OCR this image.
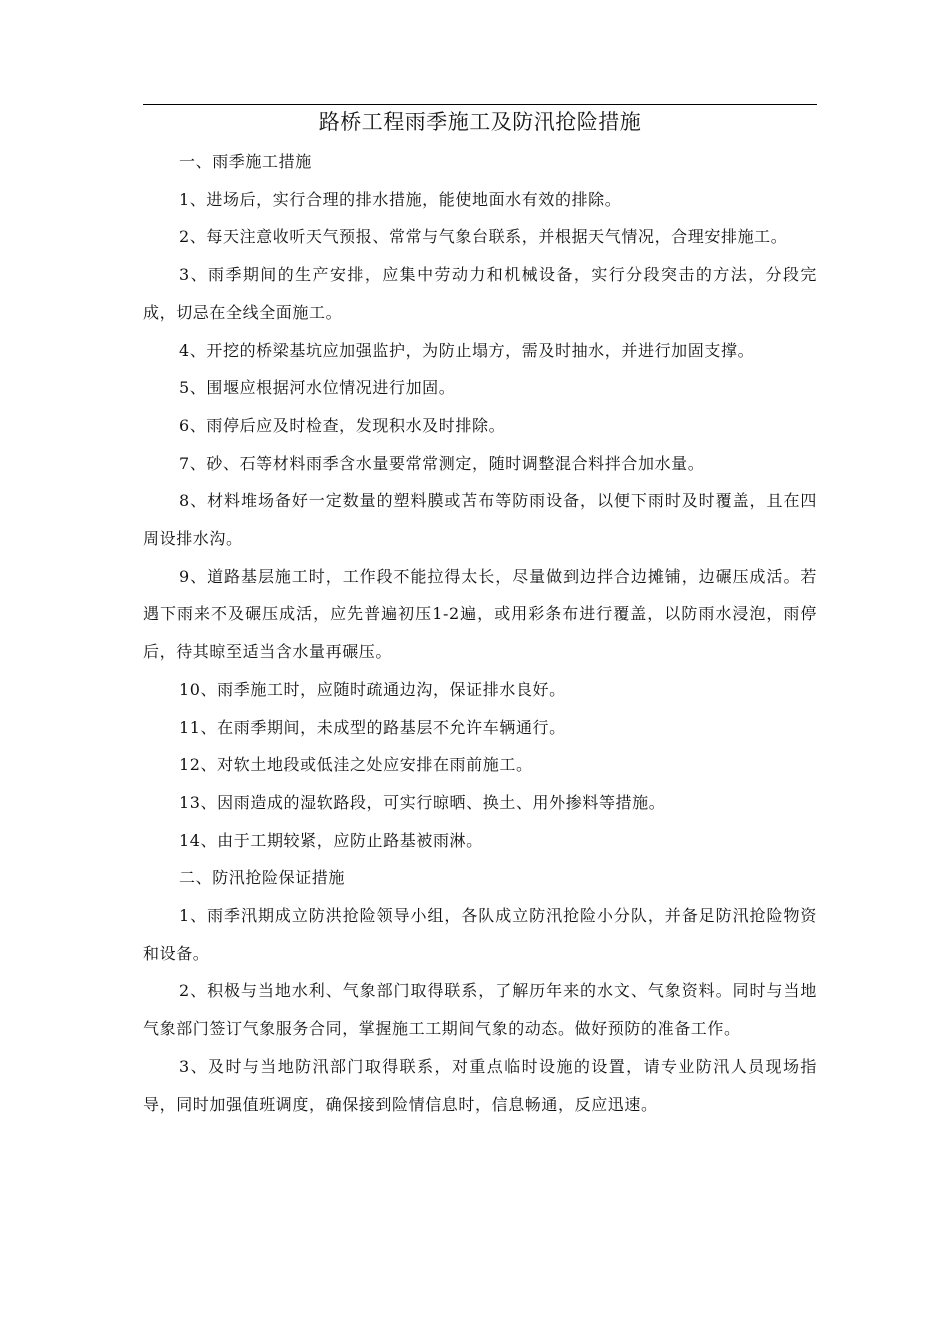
路桥工程雨季施工及防汛抢险措施

一、雨季施工措施

1、进场后，实行合理的排水措施，能使地面水有效的排除。

2、每天注意收听天气预报、常常与气象台联系，并根据天气情况，合理安排施工。

3、雨季期间的生产安排，应集中劳动力和机械设备，实行分段突击的方法，分段完成，切忌在全线全面施工。

4、开挖的桥梁基坑应加强监护，为防止塌方，需及时抽水，并进行加固支撑。

5、围堰应根据河水位情况进行加固。

6、雨停后应及时检查，发现积水及时排除。

7、砂、石等材料雨季含水量要常常测定，随时调整混合料拌合加水量。

8、材料堆场备好一定数量的塑料膜或苫布等防雨设备，以便下雨时及时覆盖，且在四周设排水沟。

9、道路基层施工时，工作段不能拉得太长，尽量做到边拌合边摊铺，边碾压成活。若遇下雨来不及碾压成活，应先普遍初压1-2遍，或用彩条布进行覆盖，以防雨水浸泡，雨停后，待其晾至适当含水量再碾压。

10、雨季施工时，应随时疏通边沟，保证排水良好。

11、在雨季期间，未成型的路基层不允许车辆通行。

12、对软土地段或低洼之处应安排在雨前施工。

13、因雨造成的湿软路段，可实行晾晒、换土、用外掺料等措施。

14、由于工期较紧，应防止路基被雨淋。

二、防汛抢险保证措施

1、雨季汛期成立防洪抢险领导小组，各队成立防汛抢险小分队，并备足防汛抢险物资和设备。

2、积极与当地水利、气象部门取得联系，了解历年来的水文、气象资料。同时与当地气象部门签订气象服务合同，掌握施工工期间气象的动态。做好预防的准备工作。

3、及时与当地防汛部门取得联系，对重点临时设施的设置，请专业防汛人员现场指导，同时加强值班调度，确保接到险情信息时，信息畅通，反应迅速。
